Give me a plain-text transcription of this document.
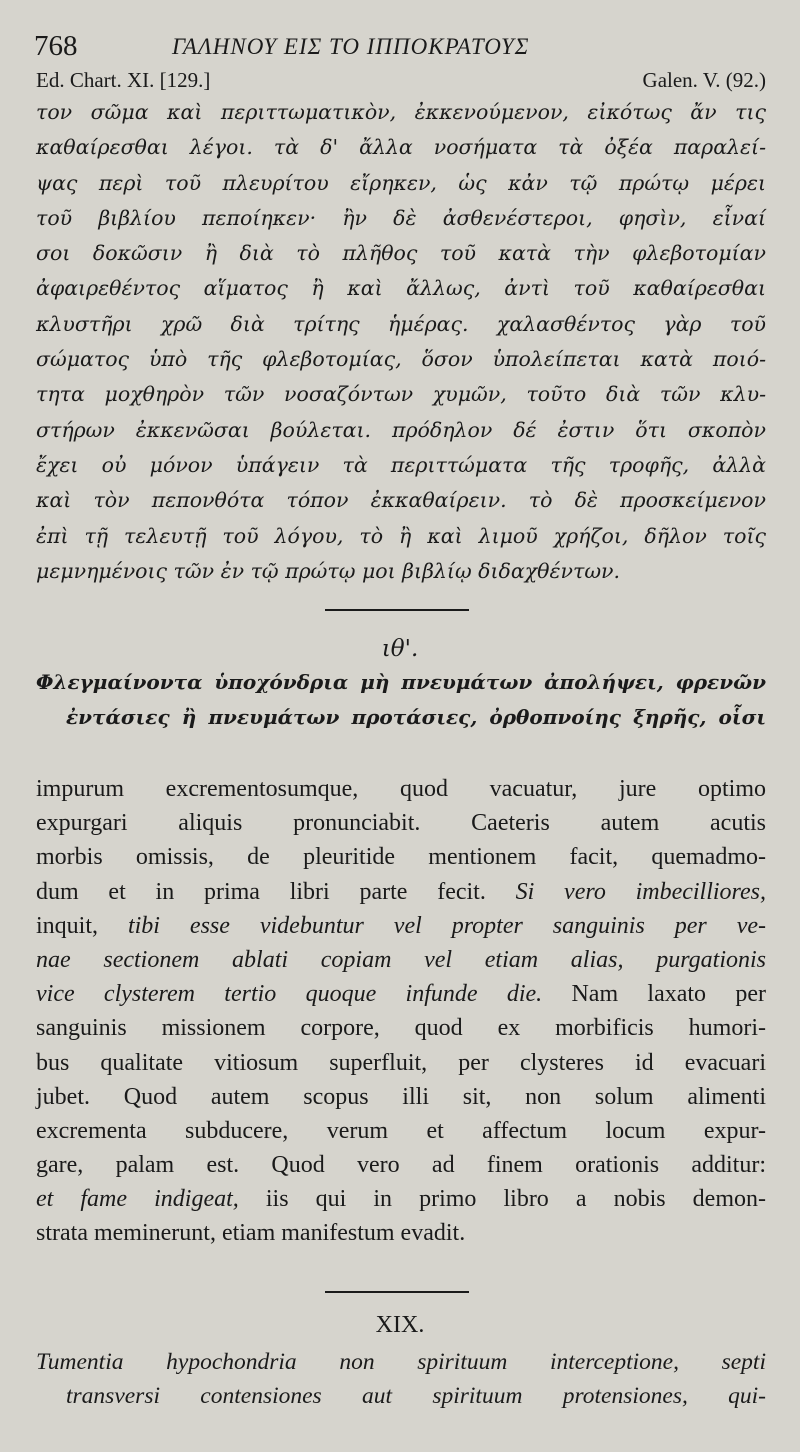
768	ΓΑΛΗΝΟΥ ΕΙΣ ΤΟ ΙΠΠΟΚΡΑΤΟΥΣ
Ed. Chart. XI. [129.]	Galen. V. (92.)
τον σῶμα καὶ περιττωματικὸν, ἐκκενούμενον, εἰκότως ἄν τις
καθαίρεσθαι λέγοι. τὰ δ' ἄλλα νοσήματα τὰ ὀξέα παραλεί-
ψας περὶ τοῦ πλευρίτου εἴρηκεν, ὡς κἀν τῷ πρώτῳ μέρει
τοῦ βιβλίου πεποίηκεν· ἢν δὲ ἀσθενέστεροι, φησὶν, εἶναί
σοι δοκῶσιν ἢ διὰ τὸ πλῆθος τοῦ κατὰ τὴν φλεβοτομίαν
ἀφαιρεθέντος αἵματος ἢ καὶ ἄλλως, ἀντὶ τοῦ καθαίρεσθαι
κλυστῆρι χρῶ διὰ τρίτης ἡμέρας. χαλασθέντος γὰρ τοῦ
σώματος ὑπὸ τῆς φλεβοτομίας, ὅσον ὑπολείπεται κατὰ ποιό-
τητα μοχθηρὸν τῶν νοσαζόντων χυμῶν, τοῦτο διὰ τῶν κλυ-
στήρων ἐκκενῶσαι βούλεται. πρόδηλον δέ ἐστιν ὅτι σκοπὸν
ἔχει οὐ μόνον ὑπάγειν τὰ περιττώματα τῆς τροφῆς, ἀλλὰ
καὶ τὸν πεπονθότα τόπον ἐκκαθαίρειν. τὸ δὲ προσκείμενον
ἐπὶ τῇ τελευτῇ τοῦ λόγου, τὸ ἢ καὶ λιμοῦ χρήζοι, δῆλον τοῖς
μεμνημένοις τῶν ἐν τῷ πρώτῳ μοι βιβλίῳ διδαχθέντων.
ιθ'.
Φλεγμαίνοντα ὑποχόνδρια μὴ πνευμάτων ἀπολήψει, φρενῶν
ἐντάσιες ἢ πνευμάτων προτάσιες, ὀρθοπνοίης ξηρῆς, οἷσι
impurum excrementosumque, quod vacuatur, jure optimo
expurgari aliquis pronunciabit. Caeteris autem acutis
morbis omissis, de pleuritide mentionem facit, quemadmo-
dum et in prima libri parte fecit. Si vero imbecilliores,
inquit, tibi esse videbuntur vel propter sanguinis per ve-
nae sectionem ablati copiam vel etiam alias, purgationis
vice clysterem tertio quoque infunde die. Nam laxato per
sanguinis missionem corpore, quod ex morbificis humori-
bus qualitate vitiosum superfluit, per clysteres id evacuari
jubet. Quod autem scopus illi sit, non solum alimenti
excrementa subducere, verum et affectum locum expur-
gare, palam est. Quod vero ad finem orationis additur:
et fame indigeat, iis qui in primo libro a nobis demon-
strata meminerunt, etiam manifestum evadit.
XIX.
Tumentia hypochondria non spirituum interceptione, septi
transversi contensiones aut spirituum protensiones, qui-
